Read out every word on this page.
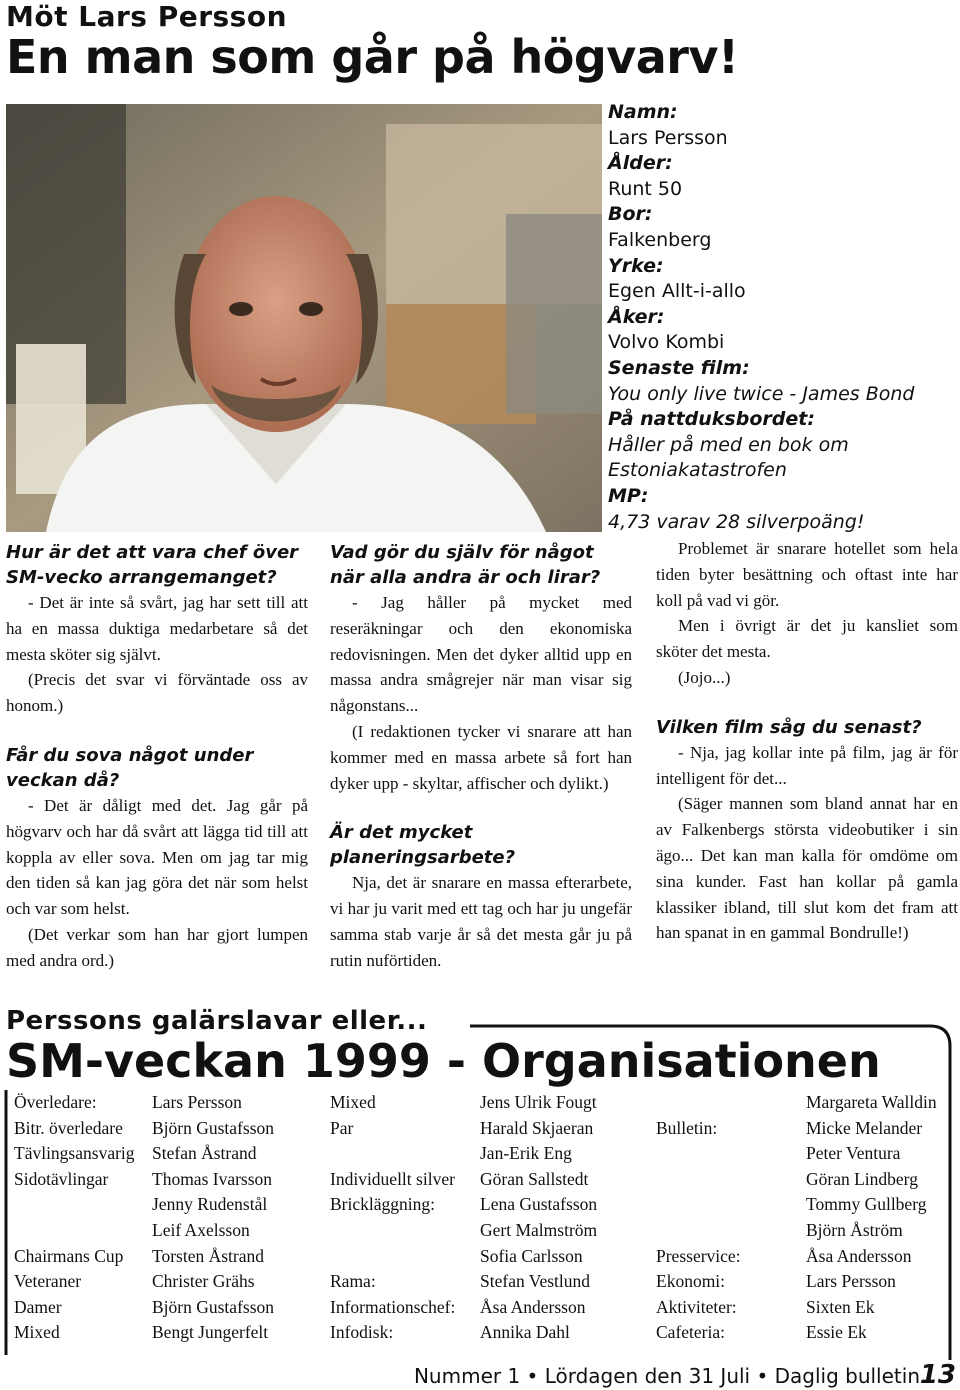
Möt Lars Persson
En man som går på högvarv!
Namn:
Lars Persson
Ålder:
Runt 50
Bor:
Falkenberg
Yrke:
Egen Allt-i-allo
Åker:
Volvo Kombi
Senaste film:
You only live twice - James Bond
På nattduksbordet:
Håller på med en bok om Estoniakatastrofen
MP:
4,73 varav 28 silverpoäng!

Hur är det att vara chef över SM-vecko arrangemanget?

- Det är inte så svårt, jag har sett till att ha en massa duktiga medarbetare så det mesta sköter sig självt.

(Precis det svar vi förväntade oss av honom.)

Får du sova något under veckan då?

- Det är dåligt med det. Jag går på högvarv och har då svårt att lägga tid till att koppla av eller sova. Men om jag tar mig den tiden så kan jag göra det när som helst och var som helst.

(Det verkar som han har gjort lumpen med andra ord.)

Vad gör du själv för något när alla andra är och lirar?

- Jag håller på mycket med reseräkningar och den ekonomiska redovisningen. Men det dyker alltid upp en massa andra smågrejer när man visar sig någonstans...

(I redaktionen tycker vi snarare att han kommer med en massa arbete så fort han dyker upp - skyltar, affischer och dylikt.)

Är det mycket planeringsarbete?

Nja, det är snarare en massa efterarbete, vi har ju varit med ett tag och har ju ungefär samma stab varje år så det mesta går ju på rutin nuförtiden.

Problemet är snarare hotellet som hela tiden byter besättning och oftast inte har koll på vad vi gör.

Men i övrigt är det ju kansliet som sköter det mesta.

(Jojo...)

Vilken film såg du senast?

- Nja, jag kollar inte på film, jag är för intelligent för det...

(Säger mannen som bland annat har en av Falkenbergs största videobutiker i sin ägo... Det kan man kalla för omdöme om sina kunder. Fast han kollar på gamla klassiker ibland, till slut kom det fram att han spanat in en gammal Bondrulle!)

Perssons galärslavar eller...
SM-veckan 1999 - Organisationen
Överledare:
Bitr. överledare
Tävlingsansvarig
Sidotävlingar
Chairmans Cup
Veteraner
Damer
Mixed
Lars Persson
Björn Gustafsson
Stefan Åstrand
Thomas Ivarsson
Jenny Rudenstål
Leif Axelsson
Torsten Åstrand
Christer Grähs
Björn Gustafsson
Bengt Jungerfelt
Mixed
Par
Individuellt silver
Brickläggning:
Rama:
Informationschef:
Infodisk:
Jens Ulrik Fougt
Harald Skjaeran
Jan-Erik Eng
Göran Sallstedt
Lena Gustafsson
Gert Malmström
Sofia Carlsson
Stefan Vestlund
Åsa Andersson
Annika Dahl
Bulletin:
Presservice:
Ekonomi:
Aktiviteter:
Cafeteria:
Margareta Walldin
Micke Melander
Peter Ventura
Göran Lindberg
Tommy Gullberg
Björn Åström
Åsa Andersson
Lars Persson
Sixten Ek
Essie Ek
Nummer 1 • Lördagen den 31 Juli • Daglig bulletin 13
